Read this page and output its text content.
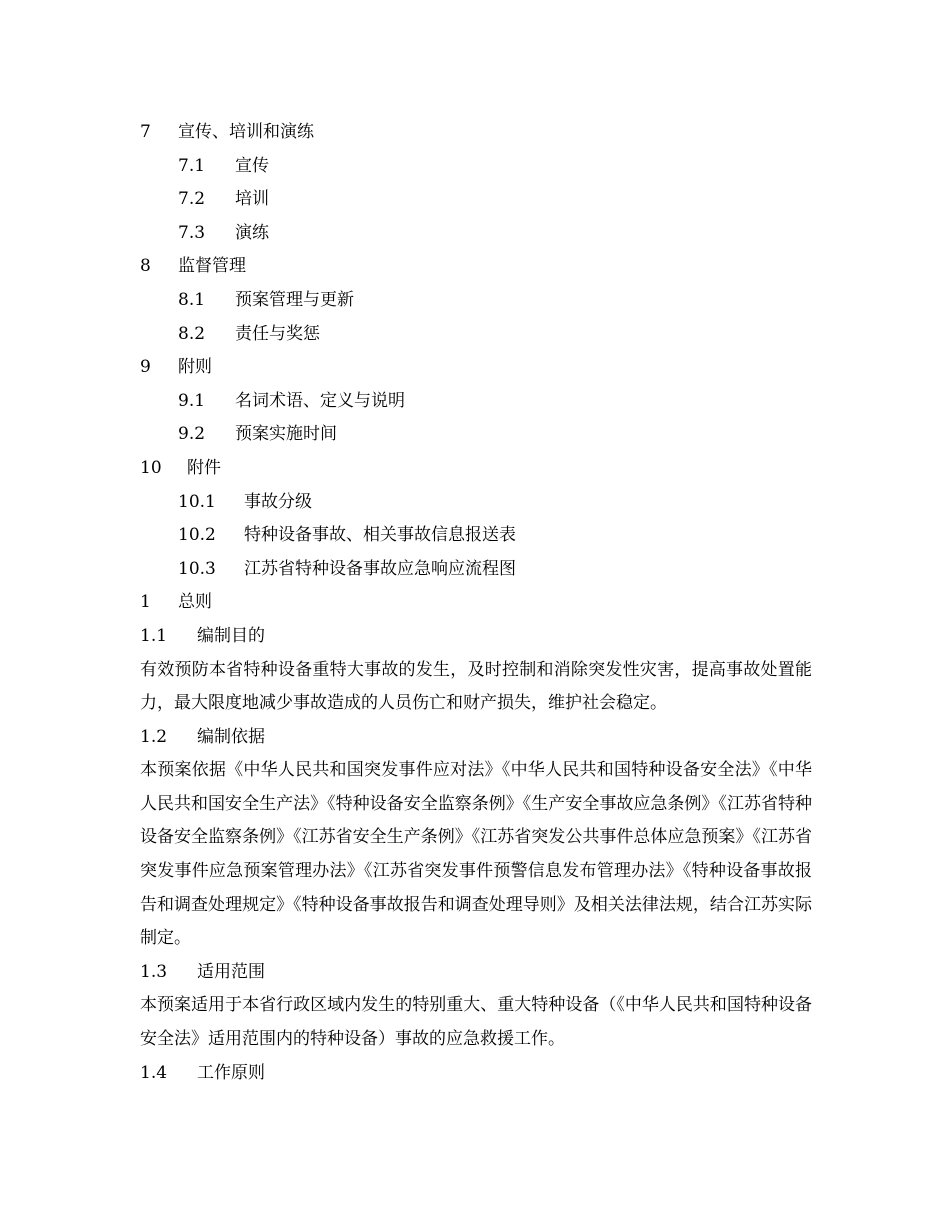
7 宣传、培训和演练
7.1 宣传
7.2 培训
7.3 演练
8 监督管理
8.1 预案管理与更新
8.2 责任与奖惩
9 附则
9.1 名词术语、定义与说明
9.2 预案实施时间
10 附件
10.1 事故分级
10.2 特种设备事故、相关事故信息报送表
10.3 江苏省特种设备事故应急响应流程图
1 总则
1.1 编制目的
有效预防本省特种设备重特大事故的发生，及时控制和消除突发性灾害，提高事故处置能力，最大限度地减少事故造成的人员伤亡和财产损失，维护社会稳定。
1.2 编制依据
本预案依据《中华人民共和国突发事件应对法》《中华人民共和国特种设备安全法》《中华人民共和国安全生产法》《特种设备安全监察条例》《生产安全事故应急条例》《江苏省特种设备安全监察条例》《江苏省安全生产条例》《江苏省突发公共事件总体应急预案》《江苏省突发事件应急预案管理办法》《江苏省突发事件预警信息发布管理办法》《特种设备事故报告和调查处理规定》《特种设备事故报告和调查处理导则》及相关法律法规，结合江苏实际制定。
1.3 适用范围
本预案适用于本省行政区域内发生的特别重大、重大特种设备（《中华人民共和国特种设备安全法》适用范围内的特种设备）事故的应急救援工作。
1.4 工作原则
